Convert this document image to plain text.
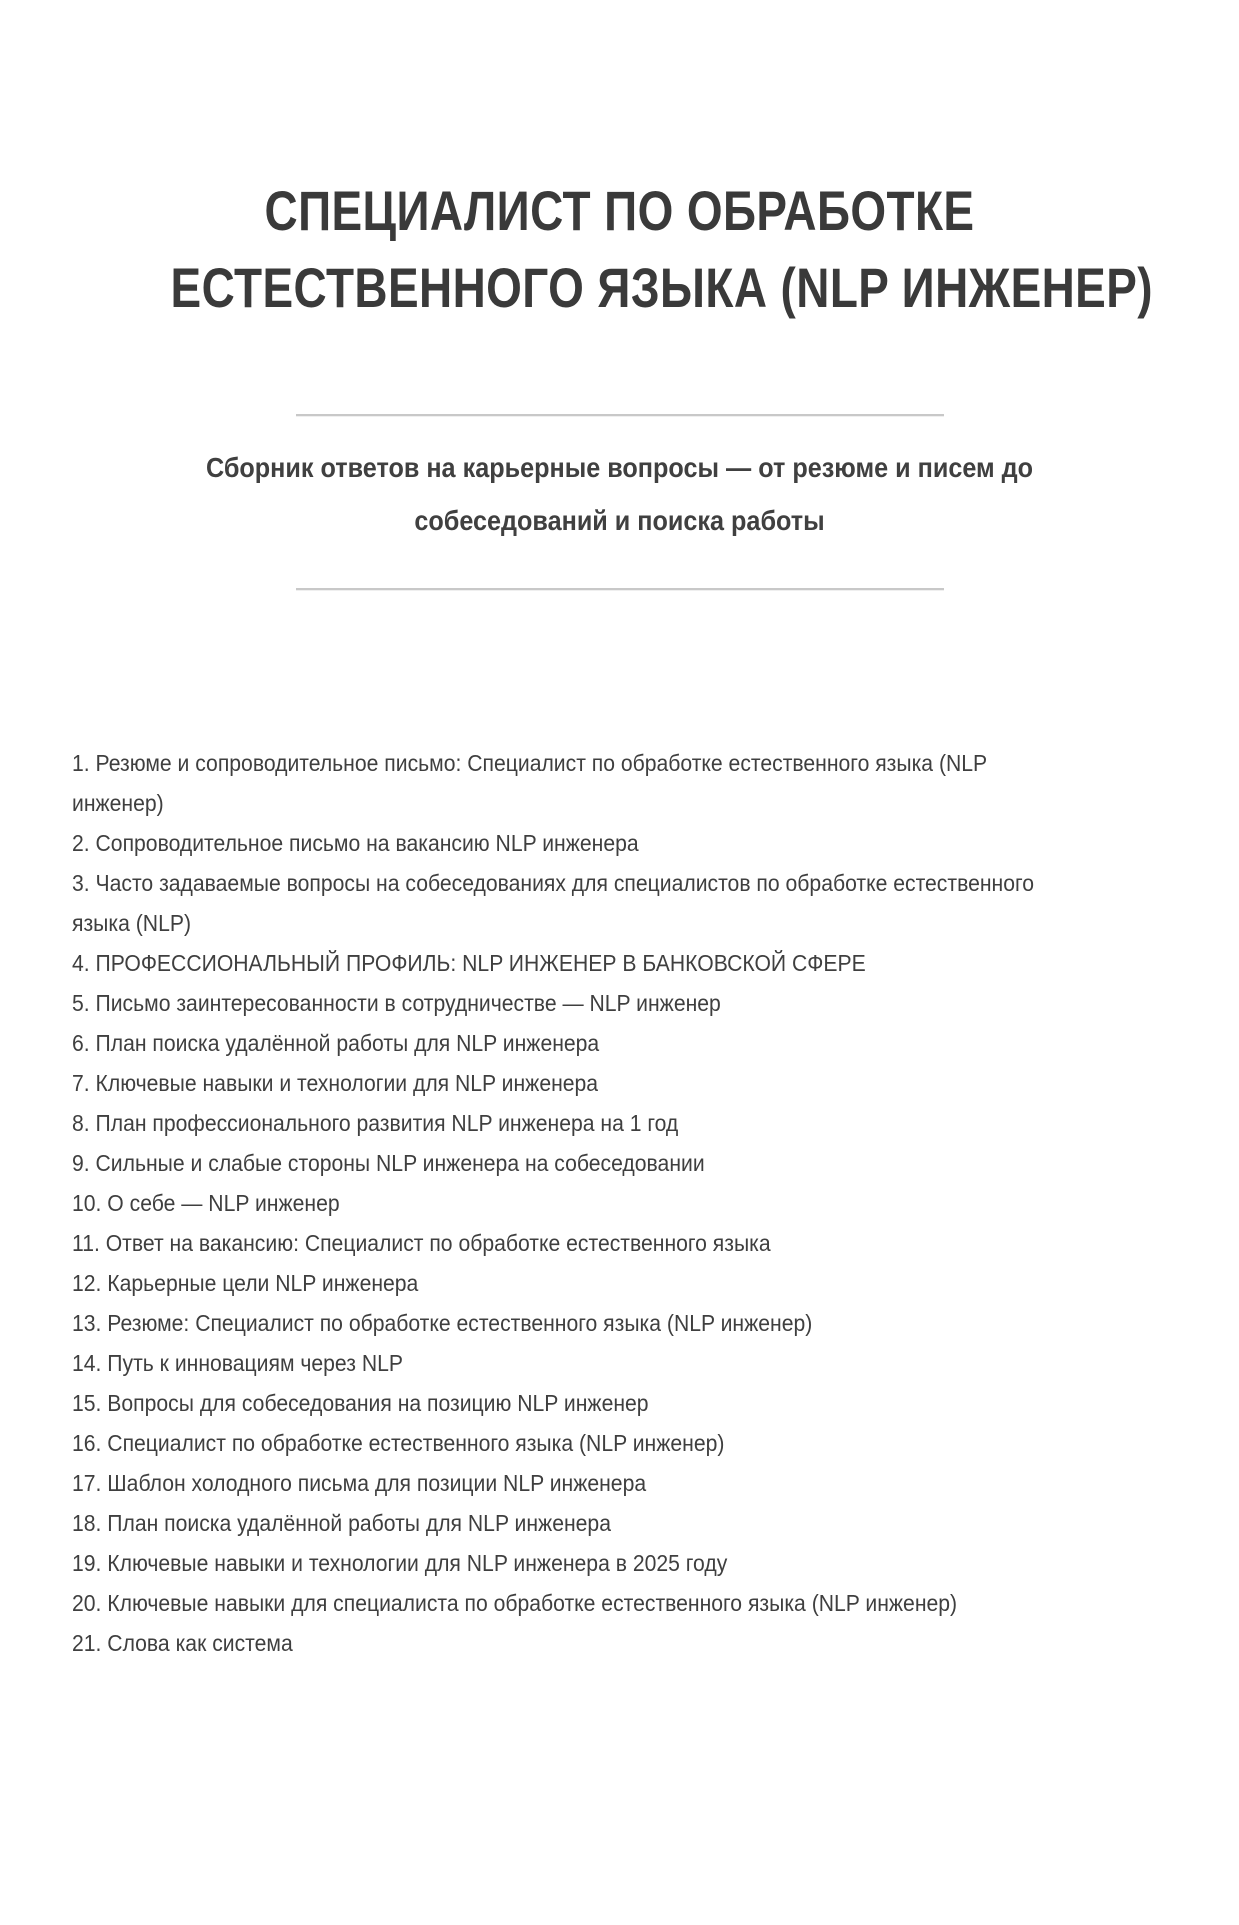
СПЕЦИАЛИСТ ПО ОБРАБОТКЕ
ЕСТЕСТВЕННОГО ЯЗЫКА (NLP ИНЖЕНЕР)
Сборник ответов на карьерные вопросы — от резюме и писем до собеседований и поиска работы

1. Резюме и сопроводительное письмо: Специалист по обработке естественного языка (NLP инженер)

2. Сопроводительное письмо на вакансию NLP инженера

3. Часто задаваемые вопросы на собеседованиях для специалистов по обработке естественного языка (NLP)

4. ПРОФЕССИОНАЛЬНЫЙ ПРОФИЛЬ: NLP ИНЖЕНЕР В БАНКОВСКОЙ СФЕРЕ

5. Письмо заинтересованности в сотрудничестве — NLP инженер

6. План поиска удалённой работы для NLP инженера

7. Ключевые навыки и технологии для NLP инженера

8. План профессионального развития NLP инженера на 1 год

9. Сильные и слабые стороны NLP инженера на собеседовании

10. О себе — NLP инженер

11. Ответ на вакансию: Специалист по обработке естественного языка

12. Карьерные цели NLP инженера

13. Резюме: Специалист по обработке естественного языка (NLP инженер)

14. Путь к инновациям через NLP

15. Вопросы для собеседования на позицию NLP инженер

16. Специалист по обработке естественного языка (NLP инженер)

17. Шаблон холодного письма для позиции NLP инженера

18. План поиска удалённой работы для NLP инженера

19. Ключевые навыки и технологии для NLP инженера в 2025 году

20. Ключевые навыки для специалиста по обработке естественного языка (NLP инженер)

21. Слова как система
